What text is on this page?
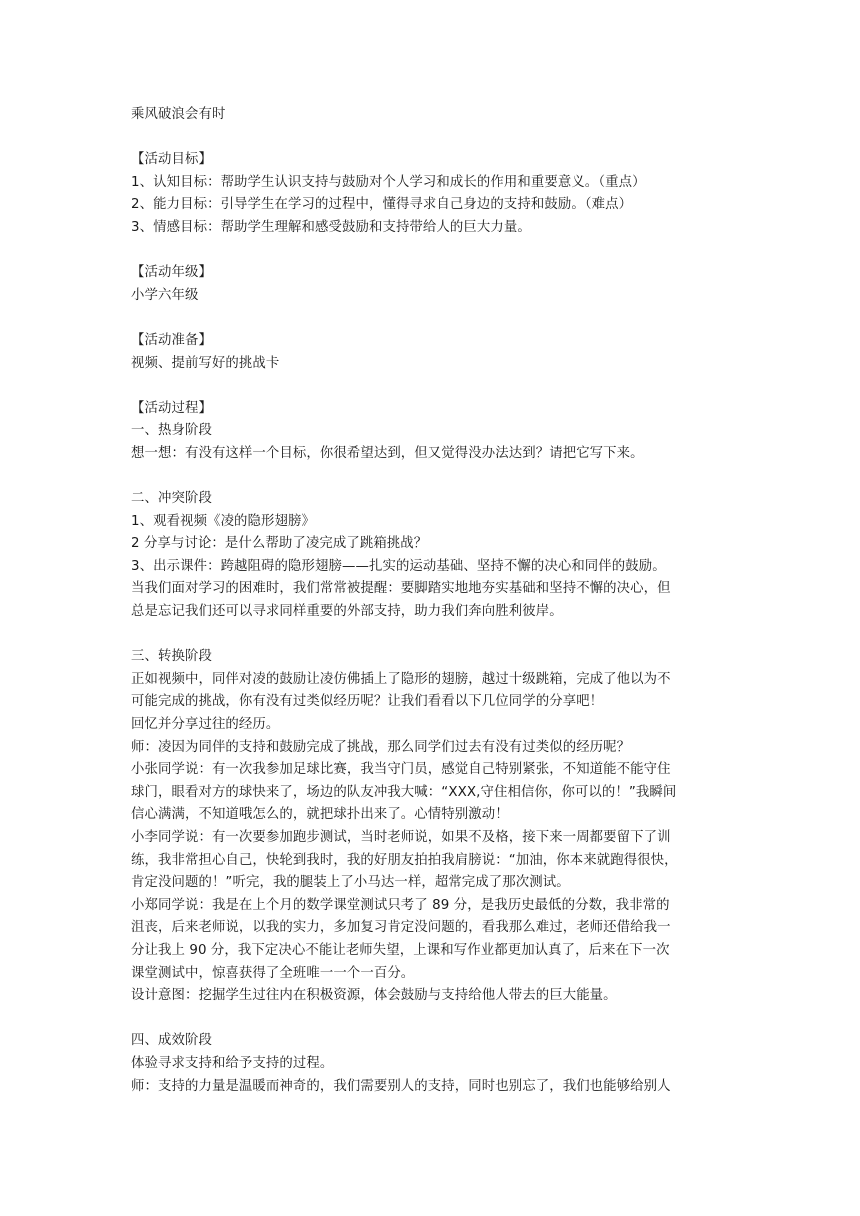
乘风破浪会有时
【活动目标】
1、认知目标：帮助学生认识支持与鼓励对个人学习和成长的作用和重要意义。（重点）
2、能力目标：引导学生在学习的过程中，懂得寻求自己身边的支持和鼓励。（难点）
3、情感目标：帮助学生理解和感受鼓励和支持带给人的巨大力量。
【活动年级】
小学六年级
【活动准备】
视频、提前写好的挑战卡
【活动过程】
一、热身阶段
想一想：有没有这样一个目标，你很希望达到，但又觉得没办法达到？请把它写下来。
二、冲突阶段
1、观看视频《凌的隐形翅膀》
2 分享与讨论：是什么帮助了凌完成了跳箱挑战？
3、出示课件：跨越阻碍的隐形翅膀——扎实的运动基础、坚持不懈的决心和同伴的鼓励。
当我们面对学习的困难时，我们常常被提醒：要脚踏实地地夯实基础和坚持不懈的决心，但
总是忘记我们还可以寻求同样重要的外部支持，助力我们奔向胜利彼岸。
三、转换阶段
正如视频中，同伴对凌的鼓励让凌仿佛插上了隐形的翅膀，越过十级跳箱，完成了他以为不
可能完成的挑战，你有没有过类似经历呢？让我们看看以下几位同学的分享吧！
回忆并分享过往的经历。
师：凌因为同伴的支持和鼓励完成了挑战，那么同学们过去有没有过类似的经历呢？
小张同学说：有一次我参加足球比赛，我当守门员，感觉自己特别紧张，不知道能不能守住
球门，眼看对方的球快来了，场边的队友冲我大喊：“XXX,守住相信你，你可以的！”我瞬间
信心满满，不知道哦怎么的，就把球扑出来了。心情特别激动！
小李同学说：有一次要参加跑步测试，当时老师说，如果不及格，接下来一周都要留下了训
练，我非常担心自己，快轮到我时，我的好朋友拍拍我肩膀说：“加油，你本来就跑得很快，
肯定没问题的！”听完，我的腿装上了小马达一样，超常完成了那次测试。
小郑同学说：我是在上个月的数学课堂测试只考了 89 分，是我历史最低的分数，我非常的
沮丧，后来老师说，以我的实力，多加复习肯定没问题的，看我那么难过，老师还借给我一
分让我上 90 分，我下定决心不能让老师失望，上课和写作业都更加认真了，后来在下一次
课堂测试中，惊喜获得了全班唯一一个一百分。
设计意图：挖掘学生过往内在积极资源，体会鼓励与支持给他人带去的巨大能量。
四、成效阶段
体验寻求支持和给予支持的过程。
师：支持的力量是温暖而神奇的，我们需要别人的支持，同时也别忘了，我们也能够给别人
